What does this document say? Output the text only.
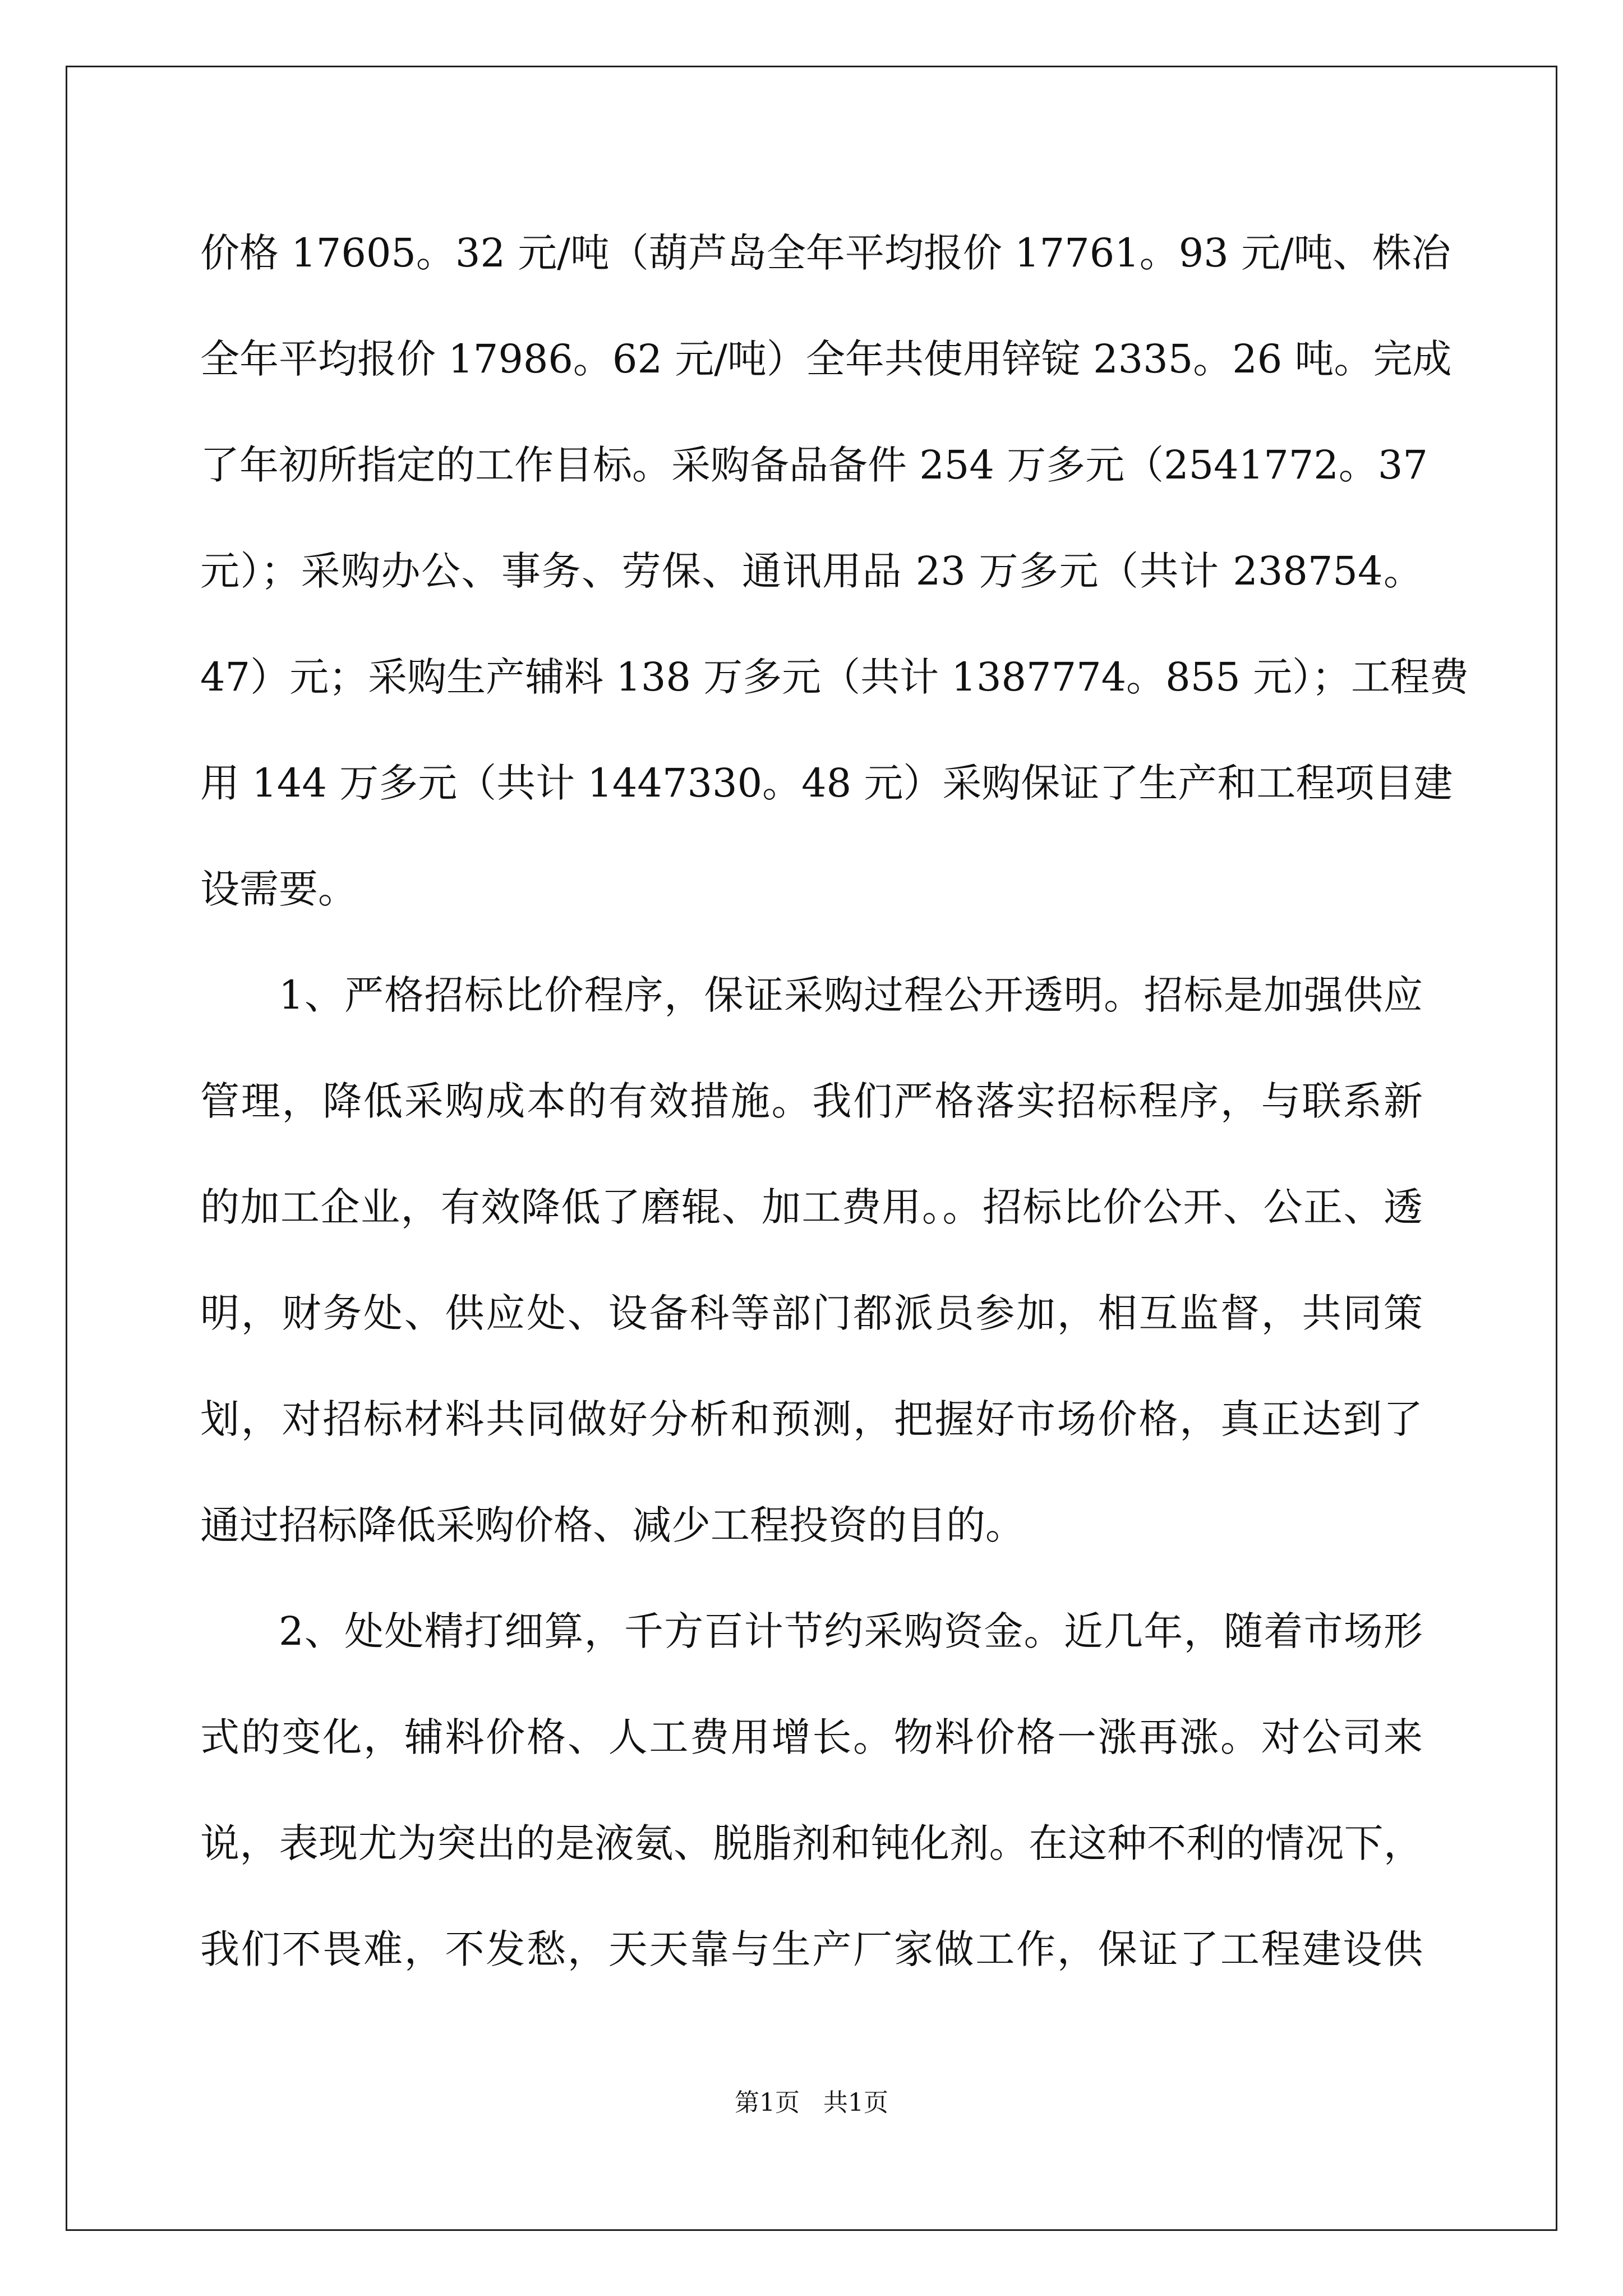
价格 17605。32 元/吨（葫芦岛全年平均报价 17761。93 元/吨、株冶
全年平均报价 17986。62 元/吨）全年共使用锌锭 2335。26 吨。完成
了年初所指定的工作目标。采购备品备件 254 万多元（2541772。37
元）；采购办公、事务、劳保、通讯用品 23 万多元（共计 238754。
47）元；采购生产辅料 138 万多元（共计 1387774。855 元）；工程费
用 144 万多元（共计 1447330。48 元）采购保证了生产和工程项目建
设需要。
1、严格招标比价程序，保证采购过程公开透明。招标是加强供应
管理，降低采购成本的有效措施。我们严格落实招标程序，与联系新
的加工企业，有效降低了磨辊、加工费用。。招标比价公开、公正、透
明，财务处、供应处、设备科等部门都派员参加，相互监督，共同策
划，对招标材料共同做好分析和预测，把握好市场价格，真正达到了
通过招标降低采购价格、减少工程投资的目的。
2、处处精打细算，千方百计节约采购资金。近几年，随着市场形
式的变化，辅料价格、人工费用增长。物料价格一涨再涨。对公司来
说，表现尤为突出的是液氨、脱脂剂和钝化剂。在这种不利的情况下，
我们不畏难，不发愁，天天靠与生产厂家做工作，保证了工程建设供
第1页   共1页
